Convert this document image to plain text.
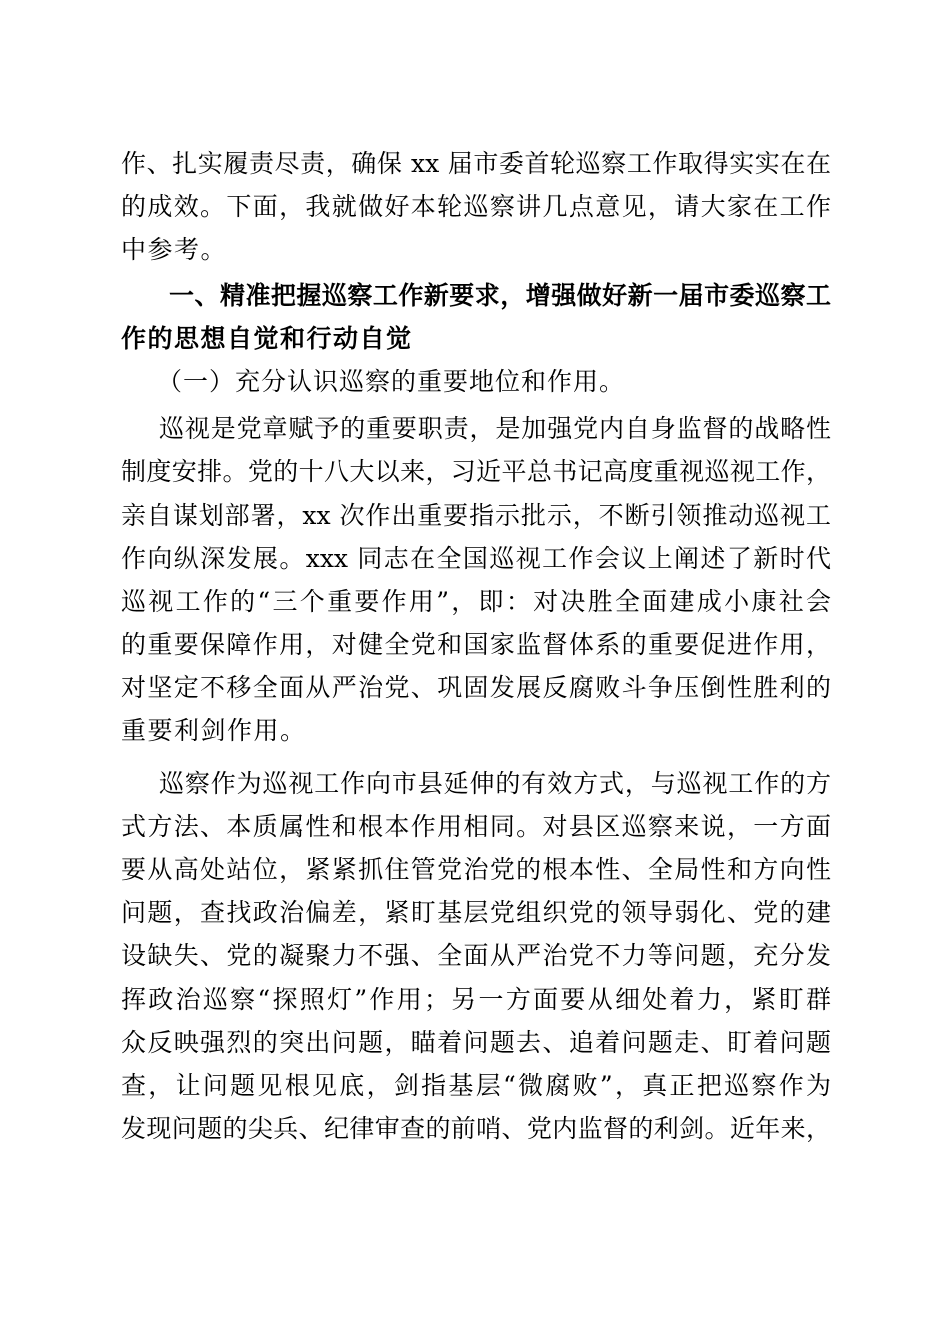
作、扎实履责尽责，确保 xx 届市委首轮巡察工作取得实实在在
的成效。下面，我就做好本轮巡察讲几点意见，请大家在工作
中参考。
一、精准把握巡察工作新要求，增强做好新一届市委巡察工
作的思想自觉和行动自觉
（一）充分认识巡察的重要地位和作用。
巡视是党章赋予的重要职责，是加强党内自身监督的战略性
制度安排。党的十八大以来，习近平总书记高度重视巡视工作，
亲自谋划部署，xx 次作出重要指示批示，不断引领推动巡视工
作向纵深发展。xxx 同志在全国巡视工作会议上阐述了新时代
巡视工作的“三个重要作用”，即：对决胜全面建成小康社会
的重要保障作用，对健全党和国家监督体系的重要促进作用，
对坚定不移全面从严治党、巩固发展反腐败斗争压倒性胜利的
重要利剑作用。
巡察作为巡视工作向市县延伸的有效方式，与巡视工作的方
式方法、本质属性和根本作用相同。对县区巡察来说，一方面
要从高处站位，紧紧抓住管党治党的根本性、全局性和方向性
问题，查找政治偏差，紧盯基层党组织党的领导弱化、党的建
设缺失、党的凝聚力不强、全面从严治党不力等问题，充分发
挥政治巡察“探照灯”作用；另一方面要从细处着力，紧盯群
众反映强烈的突出问题，瞄着问题去、追着问题走、盯着问题
查，让问题见根见底，剑指基层“微腐败”，真正把巡察作为
发现问题的尖兵、纪律审查的前哨、党内监督的利剑。近年来，
